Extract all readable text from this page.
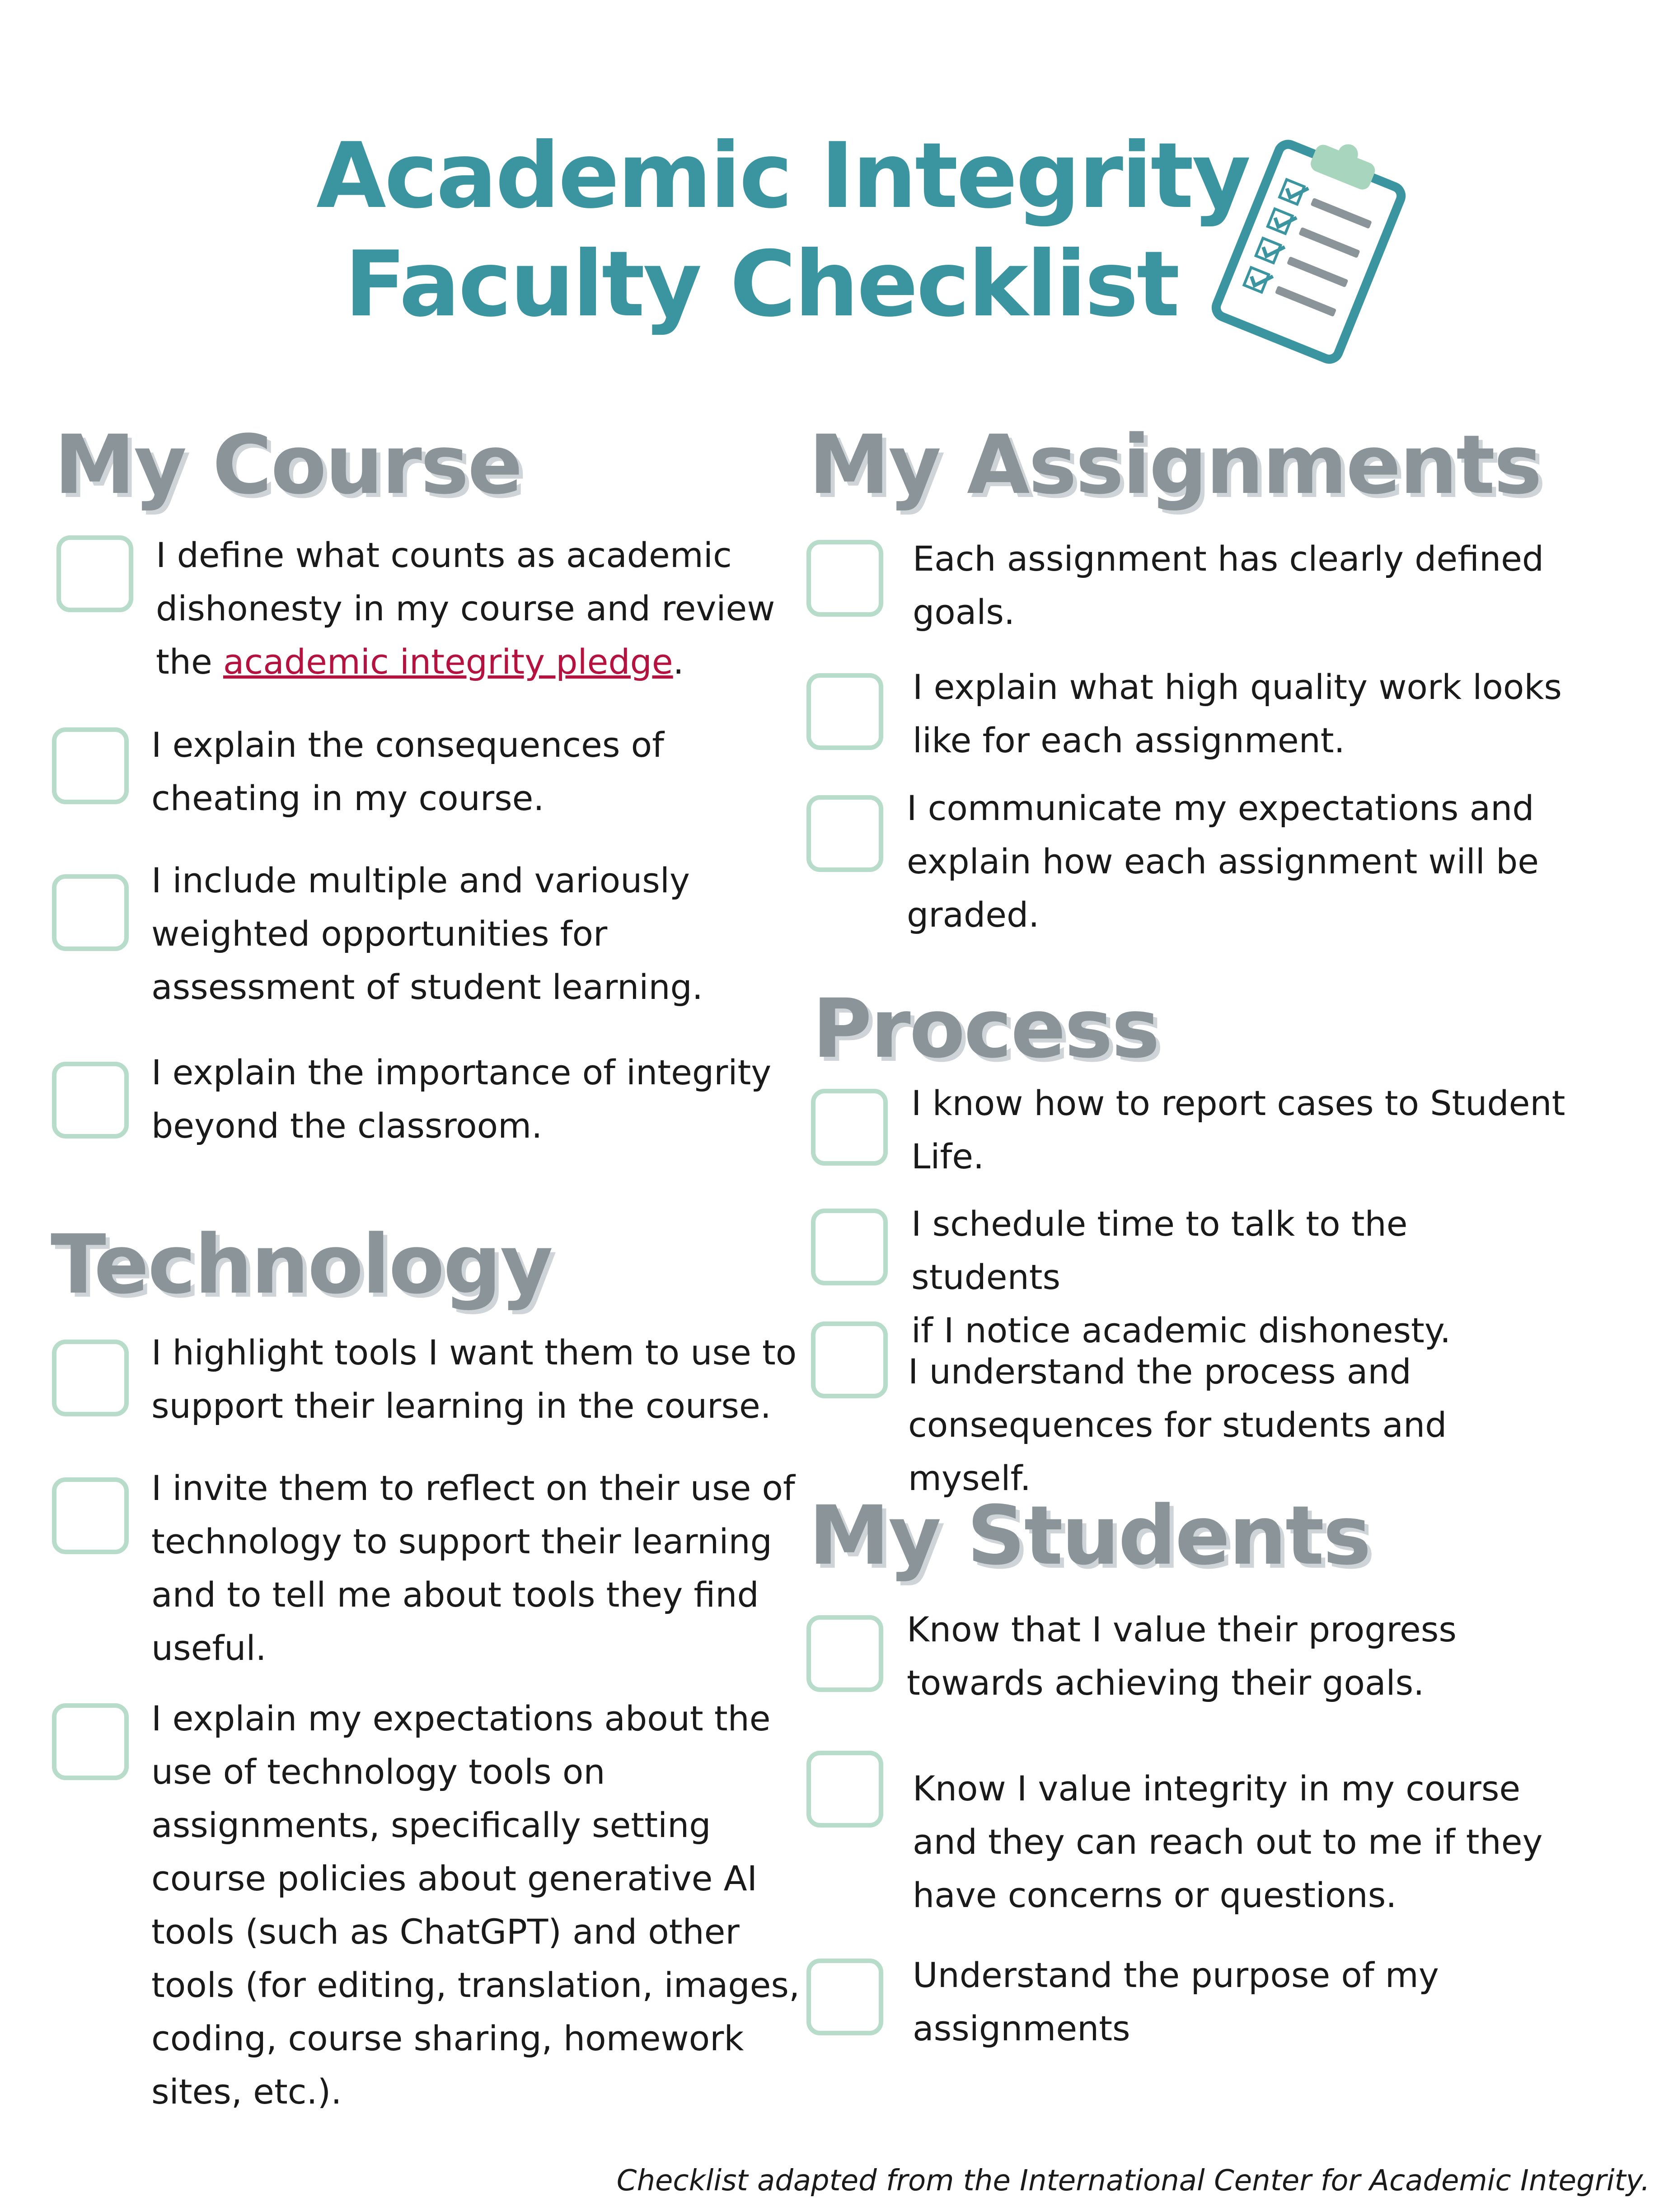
Academic Integrity
Faculty Checklist
My Course
I define what counts as academic
dishonesty in my course and review
the academic integrity pledge.
I explain the consequences of
cheating in my course.
I include multiple and variously
weighted opportunities for
assessment of student learning.
I explain the importance of integrity
beyond the classroom.
Technology
I highlight tools I want them to use to
support their learning in the course.
I invite them to reflect on their use of
technology to support their learning
and to tell me about tools they find
useful.
I explain my expectations about the
use of technology tools on
assignments, specifically setting
course policies about generative AI
tools (such as ChatGPT) and other
tools (for editing, translation, images,
coding, course sharing, homework
sites, etc.).
My Assignments
Each assignment has clearly defined
goals.
I explain what high quality work looks
like for each assignment.
I communicate my expectations and
explain how each assignment will be
graded.
Process
I know how to report cases to Student
Life.
I schedule time to talk to the students
if I notice academic dishonesty.
I understand the process and
consequences for students and myself.
My Students
Know that I value their progress
towards achieving their goals.
Know I value integrity in my course
and they can reach out to me if they
have concerns or questions.
Understand the purpose of my
assignments
Checklist adapted from the International Center for Academic Integrity.
